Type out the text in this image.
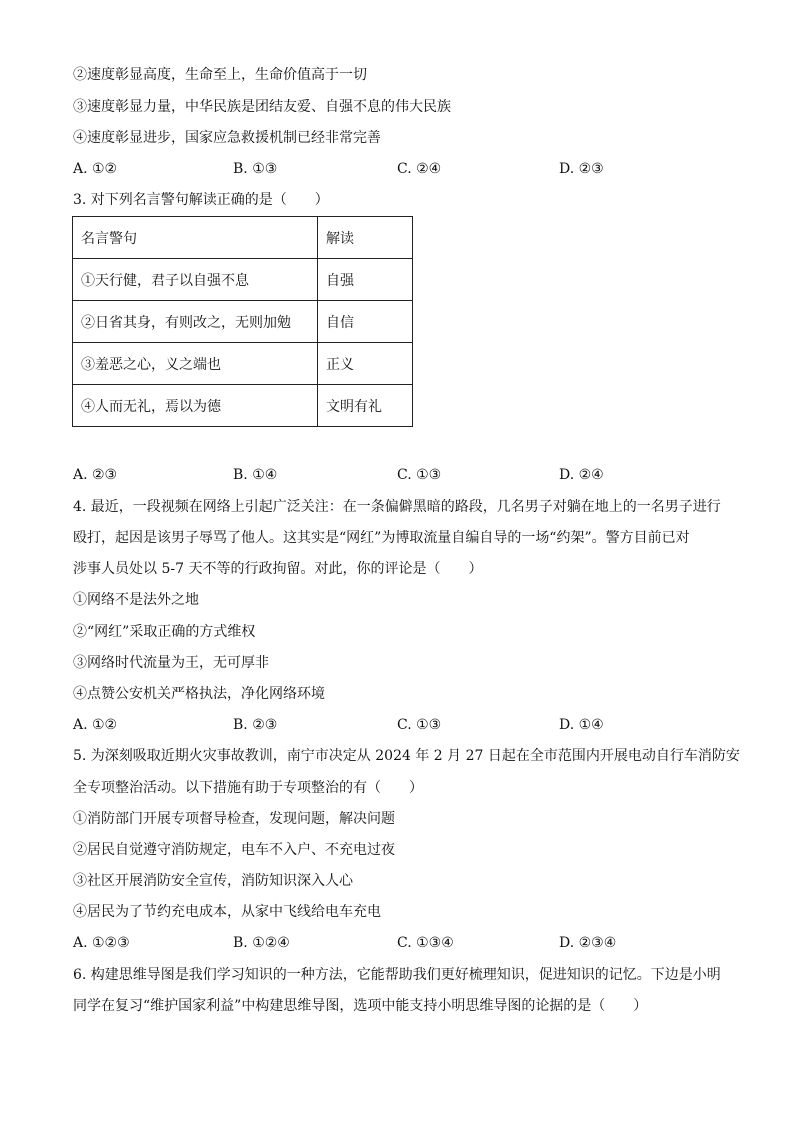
②速度彰显高度，生命至上，生命价值高于一切
③速度彰显力量，中华民族是团结友爱、自强不息的伟大民族
④速度彰显进步，国家应急救援机制已经非常完善
A. ①②	B. ①③	C. ②④	D. ②③
3. 对下列名言警句解读正确的是（　　）
名言警句	解读
①天行健，君子以自强不息	自强
②日省其身，有则改之，无则加勉	自信
③羞恶之心，义之端也	正义
④人而无礼，焉以为德	文明有礼
A. ②③	B. ①④	C. ①③	D. ②④
4. 最近，一段视频在网络上引起广泛关注：在一条偏僻黑暗的路段，几名男子对躺在地上的一名男子进行
殴打，起因是该男子辱骂了他人。这其实是“网红”为博取流量自编自导的一场“约架”。警方目前已对
涉事人员处以 5-7 天不等的行政拘留。对此，你的评论是（　　）
①网络不是法外之地
②“网红”采取正确的方式维权
③网络时代流量为王，无可厚非
④点赞公安机关严格执法，净化网络环境
A. ①②	B. ②③	C. ①③	D. ①④
5. 为深刻吸取近期火灾事故教训，南宁市决定从 2024 年 2 月 27 日起在全市范围内开展电动自行车消防安
全专项整治活动。以下措施有助于专项整治的有（　　）
①消防部门开展专项督导检查，发现问题，解决问题
②居民自觉遵守消防规定，电车不入户、不充电过夜
③社区开展消防安全宣传，消防知识深入人心
④居民为了节约充电成本，从家中飞线给电车充电
A. ①②③	B. ①②④	C. ①③④	D. ②③④
6. 构建思维导图是我们学习知识的一种方法，它能帮助我们更好梳理知识，促进知识的记忆。下边是小明
同学在复习“维护国家利益”中构建思维导图，选项中能支持小明思维导图的论据的是（　　）
